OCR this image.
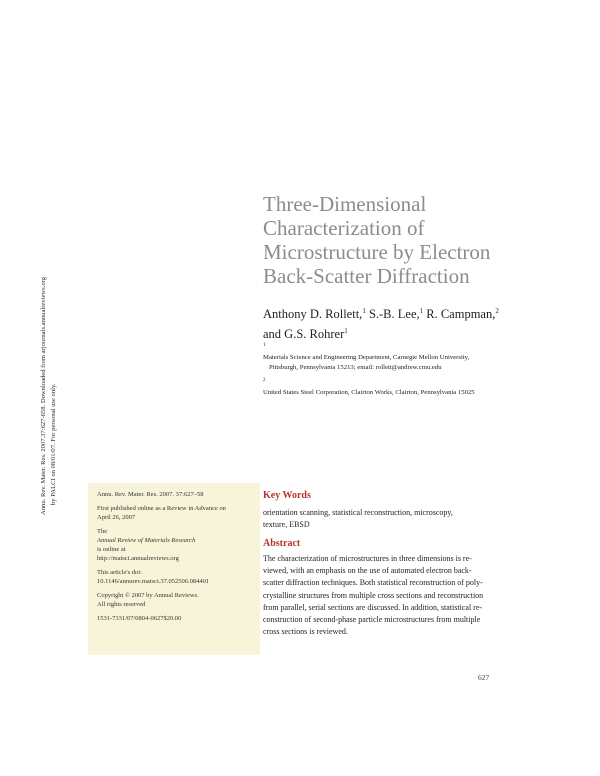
Annu. Rev. Mater. Res. 2007.37:627-658. Downloaded from arjournals.annualreviews.org by PALCI on 08/01/07. For personal use only.
Three-Dimensional
Characterization of
Microstructure by Electron
Back-Scatter Diffraction
Anthony D. Rollett,$^1$ S.-B. Lee,$^1$ R. Campman,$^2$
and G.S. Rohrer$^1$
$^1$
Materials Science and Engineering Department, Carnegie Mellon University,
Pittsburgh, Pennsylvania 15213; email: rollett@andrew.cmu.edu
$^2$
United States Steel Corporation, Clairton Works, Clairton, Pennsylvania 15025
Annu. Rev. Mater. Res. 2007. 37:627–58
First published online as a Review in Advance on
April 26, 2007
The
Annual Review of Materials Research
is online at
http://matsci.annualreviews.org
This article's doi:
10.1146/annurev.matsci.37.052506.084401
Copyright © 2007 by Annual Reviews.
All rights reserved
1531-7331/07/0804-0627$20.00
Key Words
orientation scanning, statistical reconstruction, microscopy,
texture, EBSD
Abstract
The characterization of microstructures in three dimensions is re-
viewed, with an emphasis on the use of automated electron back-
scatter diffraction techniques. Both statistical reconstruction of poly-
crystalline structures from multiple cross sections and reconstruction
from parallel, serial sections are discussed. In addition, statistical re-
construction of second-phase particle microstructures from multiple
cross sections is reviewed.
627
